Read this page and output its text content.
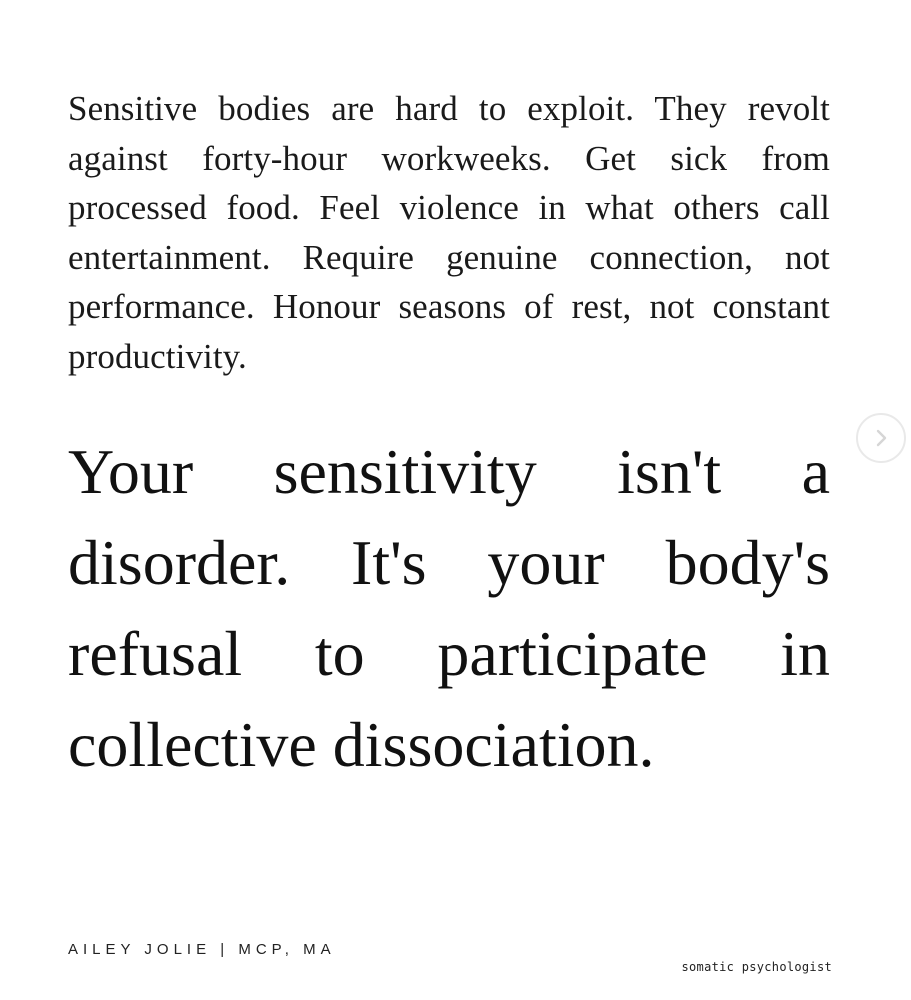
Sensitive bodies are hard to exploit. They revolt against forty-hour workweeks. Get sick from processed food. Feel violence in what others call entertainment. Require genuine connection, not performance. Honour seasons of rest, not constant productivity.

Your sensitivity isn't a disorder. It's your body's refusal to participate in collective dissociation.

AILEY JOLIE | MCP, MA

somatic psychologist
